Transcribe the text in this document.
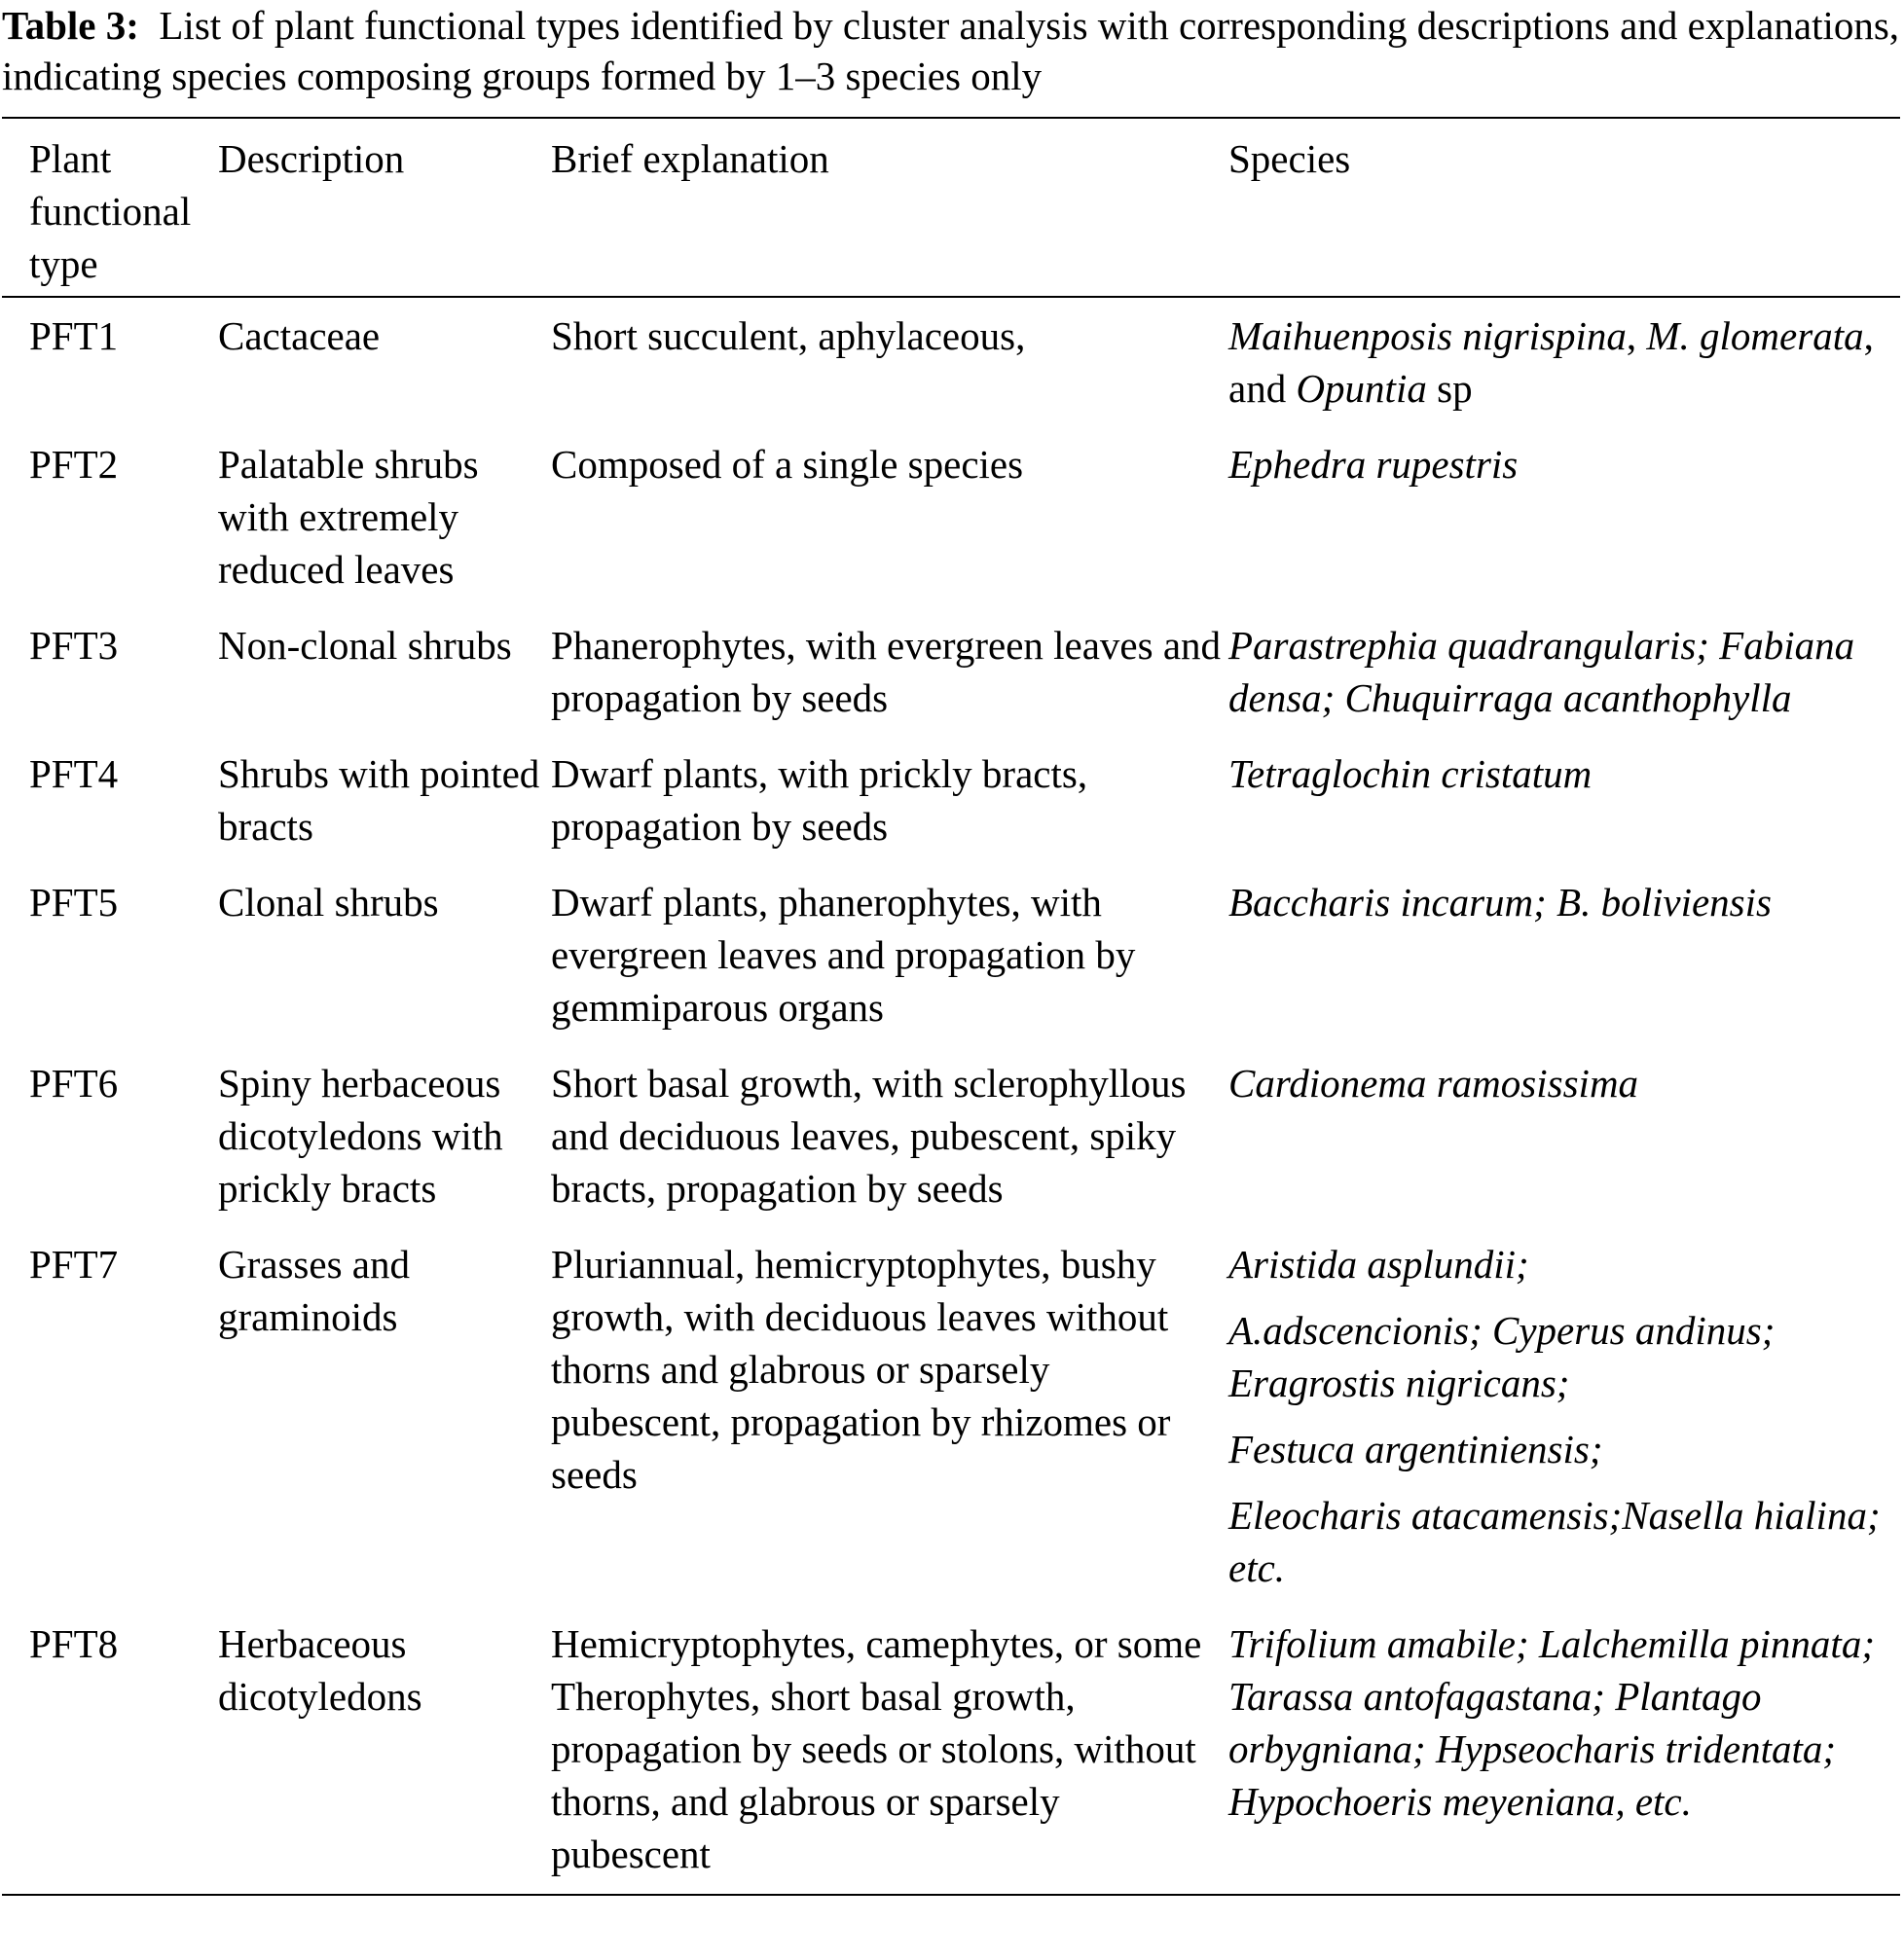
Table 3: List of plant functional types identified by cluster analysis with corresponding descriptions and explanations, indicating species composing groups formed by 1–3 species only
Plant functional type	Description	Brief explanation	Species
PFT1	Cactaceae	Short succulent, aphylaceous,	Maihuenposis nigrispina, M. glomerata, and Opuntia sp
PFT2	Palatable shrubs with extremely reduced leaves	Composed of a single species	Ephedra rupestris
PFT3	Non-clonal shrubs	Phanerophytes, with evergreen leaves and propagation by seeds	Parastrephia quadrangularis; Fabiana densa; Chuquirraga acanthophylla
PFT4	Shrubs with pointed bracts	Dwarf plants, with prickly bracts, propagation by seeds	Tetraglochin cristatum
PFT5	Clonal shrubs	Dwarf plants, phanerophytes, with evergreen leaves and propagation by gemmiparous organs	Baccharis incarum; B. boliviensis
PFT6	Spiny herbaceous dicotyledons with prickly bracts	Short basal growth, with sclerophyllous and deciduous leaves, pubescent, spiky bracts, propagation by seeds	Cardionema ramosissima
PFT7	Grasses and graminoids	Pluriannual, hemicryptophytes, bushy growth, with deciduous leaves without thorns and glabrous or sparsely pubescent, propagation by rhizomes or seeds	Aristida asplundii;
A.adscencionis; Cyperus andinus; Eragrostis nigricans;
Festuca argentiniensis;
Eleocharis atacamensis;Nasella hialina; etc.

PFT8	Herbaceous dicotyledons	Hemicryptophytes, camephytes, or some Therophytes, short basal growth, propagation by seeds or stolons, without thorns, and glabrous or sparsely pubescent	Trifolium amabile; Lalchemilla pinnata; Tarassa antofagastana; Plantago orbygniana; Hypseocharis tridentata; Hypochoeris meyeniana, etc.
